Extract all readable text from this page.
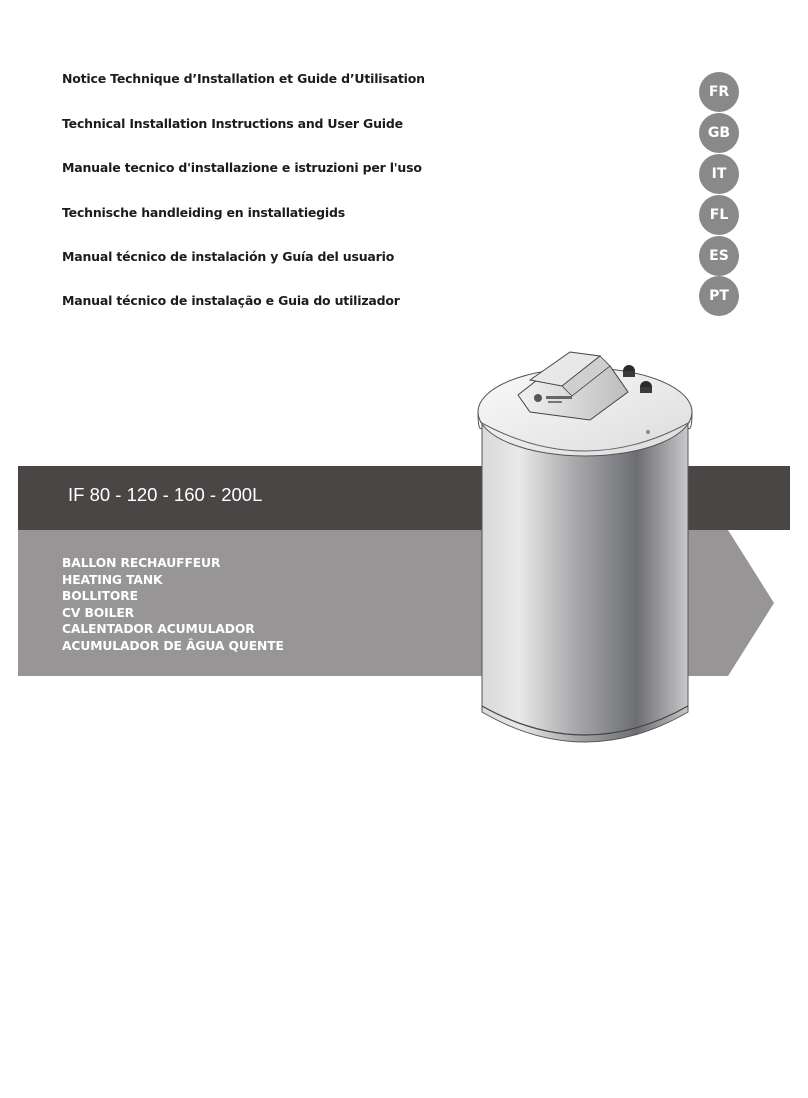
Notice Technique d’Installation et Guide d’Utilisation
Technical Installation Instructions and User Guide
Manuale tecnico d'installazione e istruzioni per l'uso
Technische handleiding en installatiegids
Manual técnico de instalación y Guía del usuario
Manual técnico de instalação e Guia do utilizador
FR
GB
IT
FL
ES
PT
IF 80 - 120 - 160 - 200L
BALLON RECHAUFFEUR
HEATING TANK
BOLLITORE
CV BOILER
CALENTADOR ACUMULADOR
ACUMULADOR DE ÂGUA QUENTE
